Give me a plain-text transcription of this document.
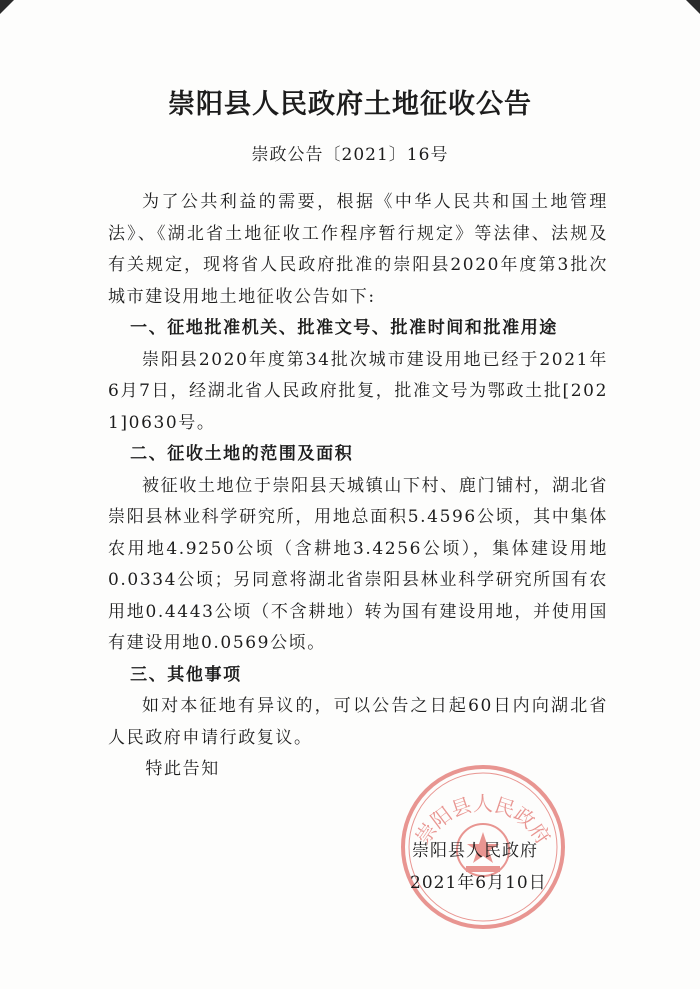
崇阳县人民政府土地征收公告
崇政公告〔2021〕16号

为了公共利益的需要，根据《中华人民共和国土地管理法》、《湖北省土地征收工作程序暂行规定》等法律、法规及有关规定，现将省人民政府批准的崇阳县2020年度第3批次城市建设用地土地征收公告如下:

一、征地批准机关、批准文号、批准时间和批准用途

崇阳县2020年度第34批次城市建设用地已经于2021年6月7日，经湖北省人民政府批复，批准文号为鄂政土批[2021]0630号。

二、征收土地的范围及面积

被征收土地位于崇阳县天城镇山下村、鹿门铺村，湖北省崇阳县林业科学研究所，用地总面积5.4596公顷，其中集体农用地4.9250公顷（含耕地3.4256公顷），集体建设用地0.0334公顷；另同意将湖北省崇阳县林业科学研究所国有农用地0.4443公顷（不含耕地）转为国有建设用地，并使用国有建设用地0.0569公顷。

三、其他事项

如对本征地有异议的，可以公告之日起60日内向湖北省人民政府申请行政复议。

特此告知

崇阳县人民政府
崇阳县人民政府
2021年6月10日
